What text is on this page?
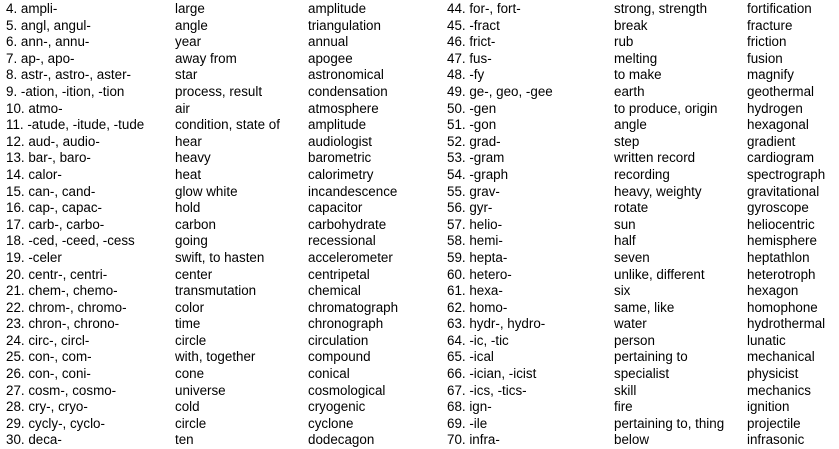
4. ampli-
5. angl, angul-
6. ann-, annu-
7. ap-, apo-
8. astr-, astro-, aster-
9. -ation, -ition, -tion
10. atmo-
11. -atude, -itude, -tude
12. aud-, audio-
13. bar-, baro-
14. calor-
15. can-, cand-
16. cap-, capac-
17. carb-, carbo-
18. -ced, -ceed, -cess
19. -celer
20. centr-, centri-
21. chem-, chemo-
22. chrom-, chromo-
23. chron-, chrono-
24. circ-, circl-
25. con-, com-
26. con-, coni-
27. cosm-, cosmo-
28. cry-, cryo-
29. cycly-, cyclo-
30. deca-
large
angle
year
away from
star
process, result
air
condition, state of
hear
heavy
heat
glow white
hold
carbon
going
swift, to hasten
center
transmutation
color
time
circle
with, together
cone
universe
cold
circle
ten
amplitude
triangulation
annual
apogee
astronomical
condensation
atmosphere
amplitude
audiologist
barometric
calorimetry
incandescence
capacitor
carbohydrate
recessional
accelerometer
centripetal
chemical
chromatograph
chronograph
circulation
compound
conical
cosmological
cryogenic
cyclone
dodecagon
44. for-, fort-
45. -fract
46. frict-
47. fus-
48. -fy
49. ge-, geo, -gee
50. -gen
51. -gon
52. grad-
53. -gram
54. -graph
55. grav-
56. gyr-
57. helio-
58. hemi-
59. hepta-
60. hetero-
61. hexa-
62. homo-
63. hydr-, hydro-
64. -ic, -tic
65. -ical
66. -ician, -icist
67. -ics, -tics-
68. ign-
69. -ile
70. infra-
strong, strength
break
rub
melting
to make
earth
to produce, origin
angle
step
written record
recording
heavy, weighty
rotate
sun
half
seven
unlike, different
six
same, like
water
person
pertaining to
specialist
skill
fire
pertaining to, thing
below
fortification
fracture
friction
fusion
magnify
geothermal
hydrogen
hexagonal
gradient
cardiogram
spectrograph
gravitational
gyroscope
heliocentric
hemisphere
heptathlon
heterotroph
hexagon
homophone
hydrothermal
lunatic
mechanical
physicist
mechanics
ignition
projectile
infrasonic
